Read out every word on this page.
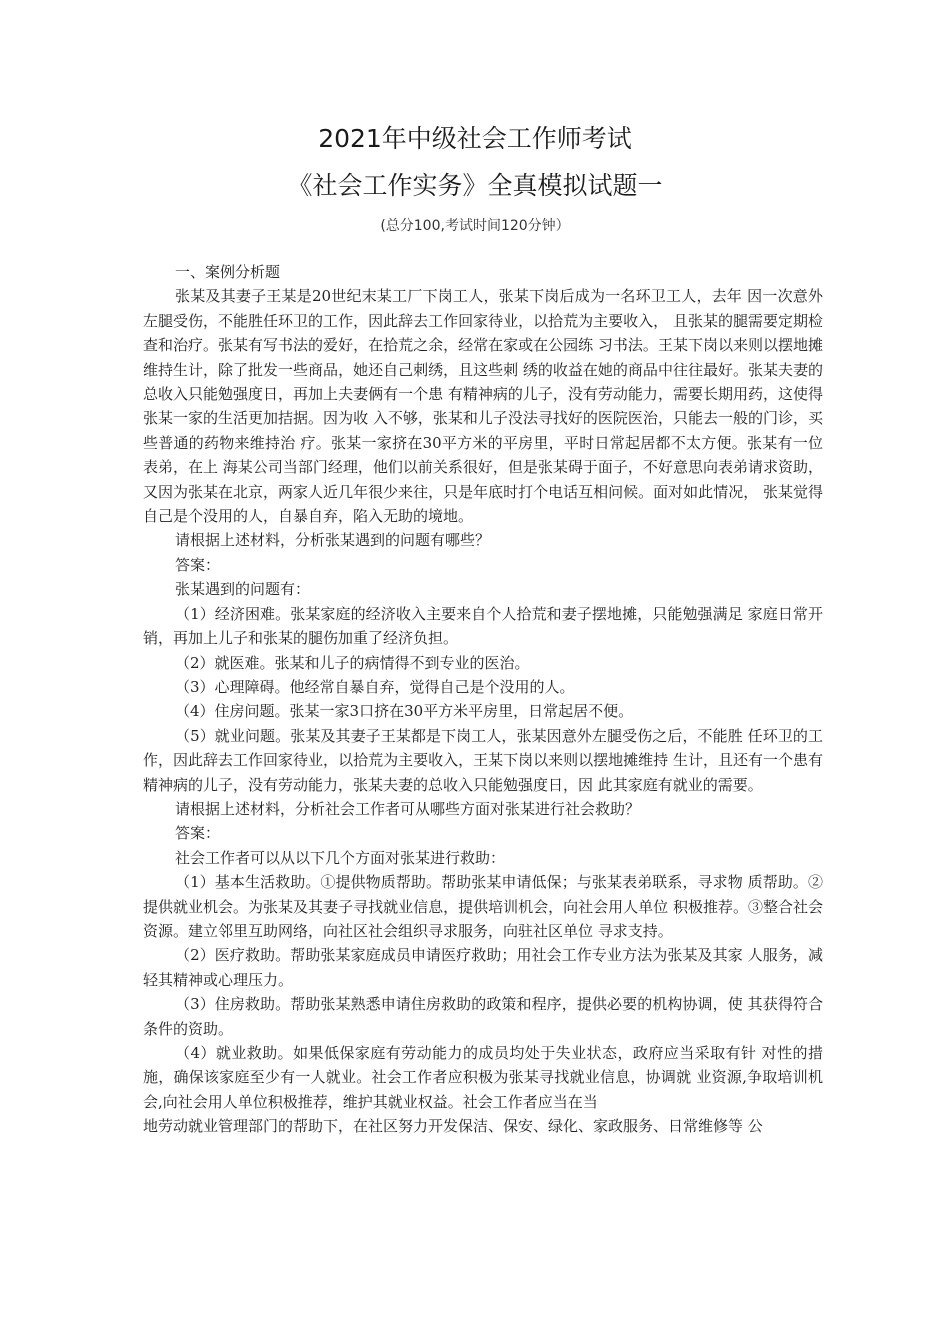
2021年中级社会工作师考试
《社会工作实务》全真模拟试题一
(总分100,考试时间120分钟）

一、案例分析题

张某及其妻子王某是20世纪末某工厂下岗工人，张某下岗后成为一名环卫工人，去年 因一次意外左腿受伤，不能胜任环卫的工作，因此辞去工作回家待业，以拾荒为主要收入， 且张某的腿需要定期检查和治疗。张某有写书法的爱好，在拾荒之余，经常在家或在公园练 习书法。王某下岗以来则以摆地摊维持生计，除了批发一些商品，她还自己刺绣，且这些刺 绣的收益在她的商品中往往最好。张某夫妻的总收入只能勉强度日，再加上夫妻俩有一个患 有精神病的儿子，没有劳动能力，需要长期用药，这使得张某一家的生活更加拮据。因为收 入不够，张某和儿子没法寻找好的医院医治，只能去一般的门诊，买些普通的药物来维持治 疗。张某一家挤在30平方米的平房里，平时日常起居都不太方便。张某有一位表弟，在上 海某公司当部门经理，他们以前关系很好，但是张某碍于面子，不好意思向表弟请求资助， 又因为张某在北京，两家人近几年很少来往，只是年底时打个电话互相问候。面对如此情况， 张某觉得自己是个没用的人，自暴自弃，陷入无助的境地。

请根据上述材料，分析张某遇到的问题有哪些？

答案：

张某遇到的问题有：

（1）经济困难。张某家庭的经济收入主要来自个人拾荒和妻子摆地摊，只能勉强满足 家庭日常开销，再加上儿子和张某的腿伤加重了经济负担。

（2）就医难。张某和儿子的病情得不到专业的医治。

（3）心理障碍。他经常自暴自弃，觉得自己是个没用的人。

（4）住房问题。张某一家3口挤在30平方米平房里，日常起居不便。

（5）就业问题。张某及其妻子王某都是下岗工人，张某因意外左腿受伤之后，不能胜 任环卫的工作，因此辞去工作回家待业，以拾荒为主要收入，王某下岗以来则以摆地摊维持 生计，且还有一个患有精神病的儿子，没有劳动能力，张某夫妻的总收入只能勉强度日，因 此其家庭有就业的需要。

请根据上述材料，分析社会工作者可从哪些方面对张某进行社会救助？

答案：

社会工作者可以从以下几个方面对张某进行救助：

（1）基本生活救助。①提供物质帮助。帮助张某申请低保；与张某表弟联系，寻求物 质帮助。②提供就业机会。为张某及其妻子寻找就业信息，提供培训机会，向社会用人单位 积极推荐。③整合社会资源。建立邻里互助网络，向社区社会组织寻求服务，向驻社区单位 寻求支持。

（2）医疗救助。帮助张某家庭成员申请医疗救助；用社会工作专业方法为张某及其家 人服务，减轻其精神或心理压力。

（3）住房救助。帮助张某熟悉申请住房救助的政策和程序，提供必要的机构协调，使 其获得符合条件的资助。

（4）就业救助。如果低保家庭有劳动能力的成员均处于失业状态，政府应当采取有针 对性的措施，确保该家庭至少有一人就业。社会工作者应积极为张某寻找就业信息，协调就 业资源,争取培训机会,向社会用人单位积极推荐，维护其就业权益。社会工作者应当在当

地劳动就业管理部门的帮助下，在社区努力开发保洁、保安、绿化、家政服务、日常维修等 公
